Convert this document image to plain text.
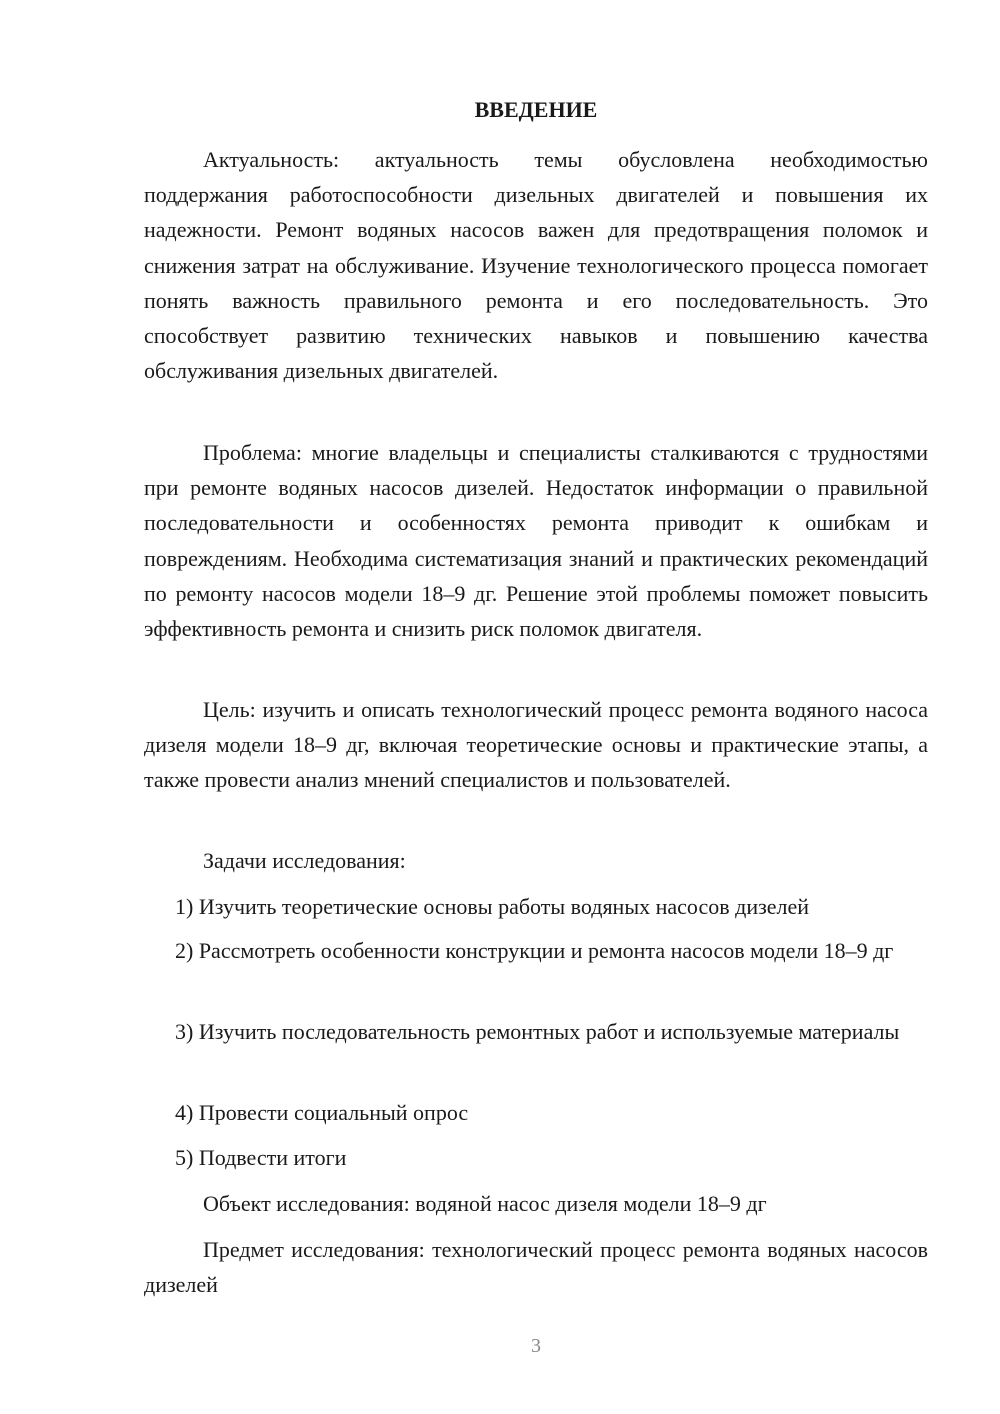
ВВЕДЕНИЕ

Актуальность: актуальность темы обусловлена необходимостью поддержания работоспособности дизельных двигателей и повышения их надежности. Ремонт водяных насосов важен для предотвращения поломок и снижения затрат на обслуживание. Изучение технологического процесса помогает понять важность правильного ремонта и его последовательность. Это способствует развитию технических навыков и повышению качества обслуживания дизельных двигателей.

Проблема: многие владельцы и специалисты сталкиваются с трудностями при ремонте водяных насосов дизелей. Недостаток информации о правильной последовательности и особенностях ремонта приводит к ошибкам и повреждениям. Необходима систематизация знаний и практических рекомендаций по ремонту насосов модели 18–9 дг. Решение этой проблемы поможет повысить эффективность ремонта и снизить риск поломок двигателя.

Цель: изучить и описать технологический процесс ремонта водяного насоса дизеля модели 18–9 дг, включая теоретические основы и практические этапы, а также провести анализ мнений специалистов и пользователей.

Задачи исследования:

1) Изучить теоретические основы работы водяных насосов дизелей

2) Рассмотреть особенности конструкции и ремонта насосов модели 18–9 дг

3) Изучить последовательность ремонтных работ и используемые материалы

4) Провести социальный опрос

5) Подвести итоги

Объект исследования: водяной насос дизеля модели 18–9 дг

Предмет исследования: технологический процесс ремонта водяных насосов дизелей

3
